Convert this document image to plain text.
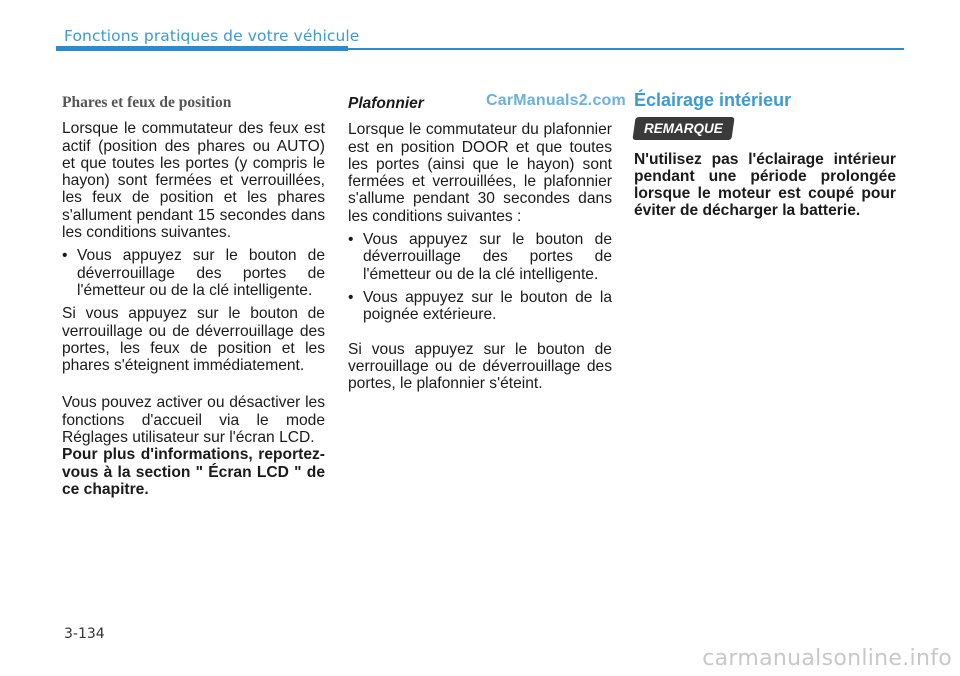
Fonctions pratiques de votre véhicule
CarManuals2.com

Phares et feux de position

Lorsque le commutateur des feux est actif (position des phares ou AUTO) et que toutes les portes (y compris le hayon) sont fermées et verrouillées, les feux de position et les phares s'allument pendant 15 secondes dans les conditions suivantes.

• Vous appuyez sur le bouton de déverrouillage des portes de l'émetteur ou de la clé intelligente.

Si vous appuyez sur le bouton de verrouillage ou de déverrouillage des portes, les feux de position et les phares s'éteignent immédiatement.

Vous pouvez activer ou désactiver les fonctions d'accueil via le mode Réglages utilisateur sur l'écran LCD.

Pour plus d'informations, reportez-vous à la section " Écran LCD " de ce chapitre.

Plafonnier

Lorsque le commutateur du plafonnier est en position DOOR et que toutes les portes (ainsi que le hayon) sont fermées et verrouillées, le plafonnier s'allume pendant 30 secondes dans les conditions suivantes :

• Vous appuyez sur le bouton de déverrouillage des portes de l'émetteur ou de la clé intelligente.

• Vous appuyez sur le bouton de la poignée extérieure.

Si vous appuyez sur le bouton de verrouillage ou de déverrouillage des portes, le plafonnier s'éteint.

Éclairage intérieur

REMARQUE

N'utilisez pas l'éclairage intérieur pendant une période prolongée lorsque le moteur est coupé pour éviter de décharger la batterie.

3-134
carmanualsonline.info
